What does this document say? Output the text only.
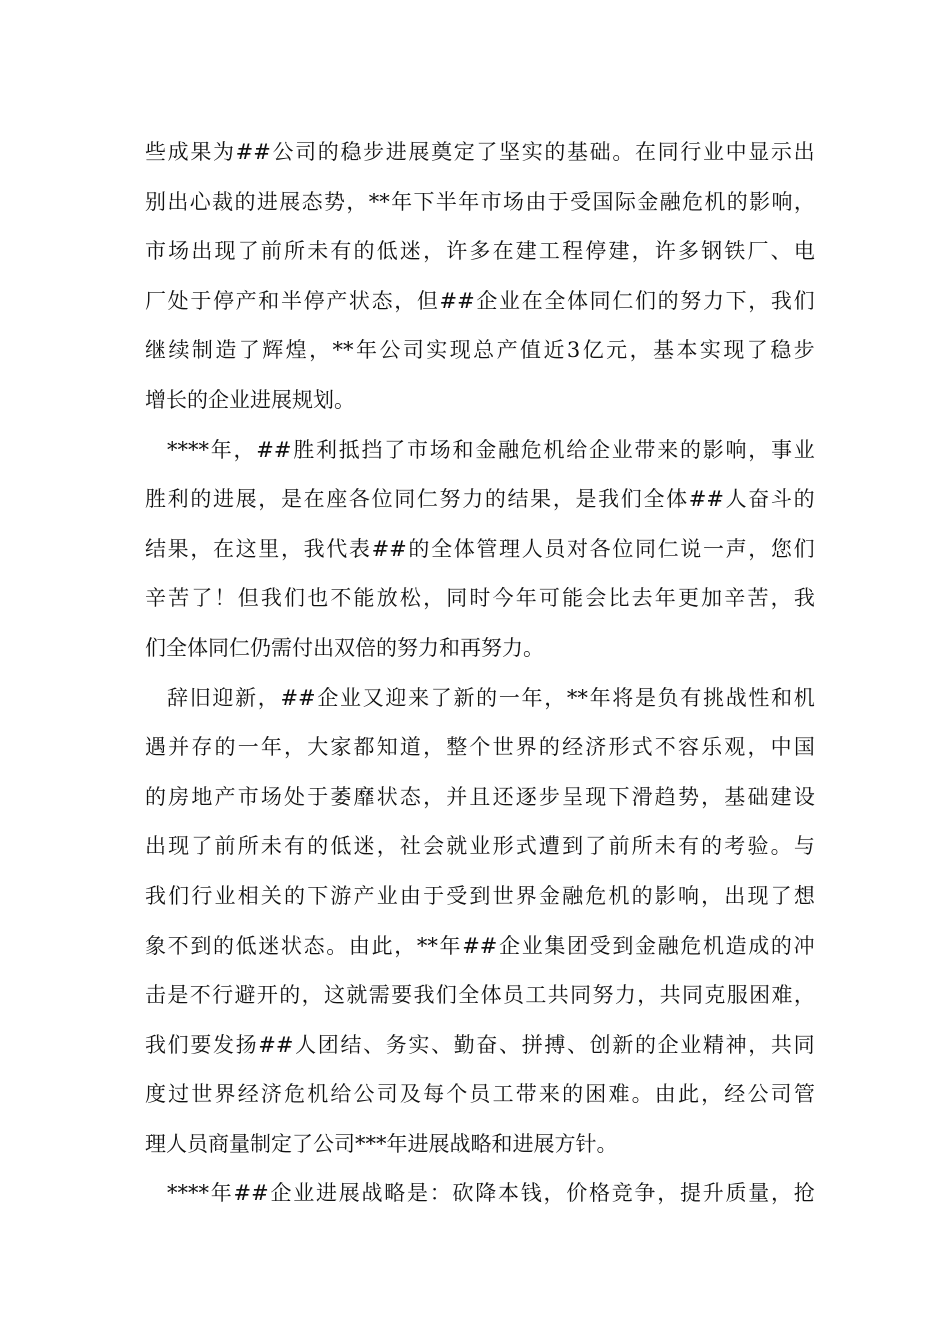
些 成 果 为 ## 公 司 的 稳 步 进 展 奠 定 了 坚 实 的 基 础 。 在 同 行 业 中 显 示 出
别 出 心 裁 的 进 展 态 势 ， ** 年 下 半 年 市 场 由 于 受 国 际 金 融 危 机 的 影 响 ，
市 场 出 现 了 前 所 未 有 的 低 迷 ， 许 多 在 建 工 程 停 建 ， 许 多 钢 铁 厂 、 电
厂 处 于 停 产 和 半 停 产 状 态 ， 但 ## 企 业 在 全 体 同 仁 们 的 努 力 下 ， 我 们
继 续 制 造 了 辉 煌 ， ** 年 公 司 实 现 总 产 值 近 3 亿 元 ， 基 本 实 现 了 稳 步
增长的企业进展规划。
**** 年 ， ## 胜 利 抵 挡 了 市 场 和 金 融 危 机 给 企 业 带 来 的 影 响 ， 事 业
胜 利 的 进 展 ， 是 在 座 各 位 同 仁 努 力 的 结 果 ， 是 我 们 全 体 ## 人 奋 斗 的
结 果 ， 在 这 里 ， 我 代 表 ## 的 全 体 管 理 人 员 对 各 位 同 仁 说 一 声 ， 您 们
辛 苦 了 ！ 但 我 们 也 不 能 放 松 ， 同 时 今 年 可 能 会 比 去 年 更 加 辛 苦 ， 我
们全体同仁仍需付出双倍的努力和再努力。
辞 旧 迎 新 ， ## 企 业 又 迎 来 了 新 的 一 年 ， ** 年 将 是 负 有 挑 战 性 和 机
遇 并 存 的 一 年 ， 大 家 都 知 道 ， 整 个 世 界 的 经 济 形 式 不 容 乐 观 ， 中 国
的 房 地 产 市 场 处 于 萎 靡 状 态 ， 并 且 还 逐 步 呈 现 下 滑 趋 势 ， 基 础 建 设
出 现 了 前 所 未 有 的 低 迷 ， 社 会 就 业 形 式 遭 到 了 前 所 未 有 的 考 验 。 与
我 们 行 业 相 关 的 下 游 产 业 由 于 受 到 世 界 金 融 危 机 的 影 响 ， 出 现 了 想
象 不 到 的 低 迷 状 态 。 由 此 ， ** 年 ## 企 业 集 团 受 到 金 融 危 机 造 成 的 冲
击 是 不 行 避 开 的 ， 这 就 需 要 我 们 全 体 员 工 共 同 努 力 ， 共 同 克 服 困 难 ，
我 们 要 发 扬 ## 人 团 结 、 务 实 、 勤 奋 、 拼 搏 、 创 新 的 企 业 精 神 ， 共 同
度 过 世 界 经 济 危 机 给 公 司 及 每 个 员 工 带 来 的 困 难 。 由 此 ， 经 公 司 管
理人员商量制定了公司***年进展战略和进展方针。
**** 年 ## 企 业 进 展 战 略 是 ： 砍 降 本 钱 ， 价 格 竞 争 ， 提 升 质 量 ， 抢
